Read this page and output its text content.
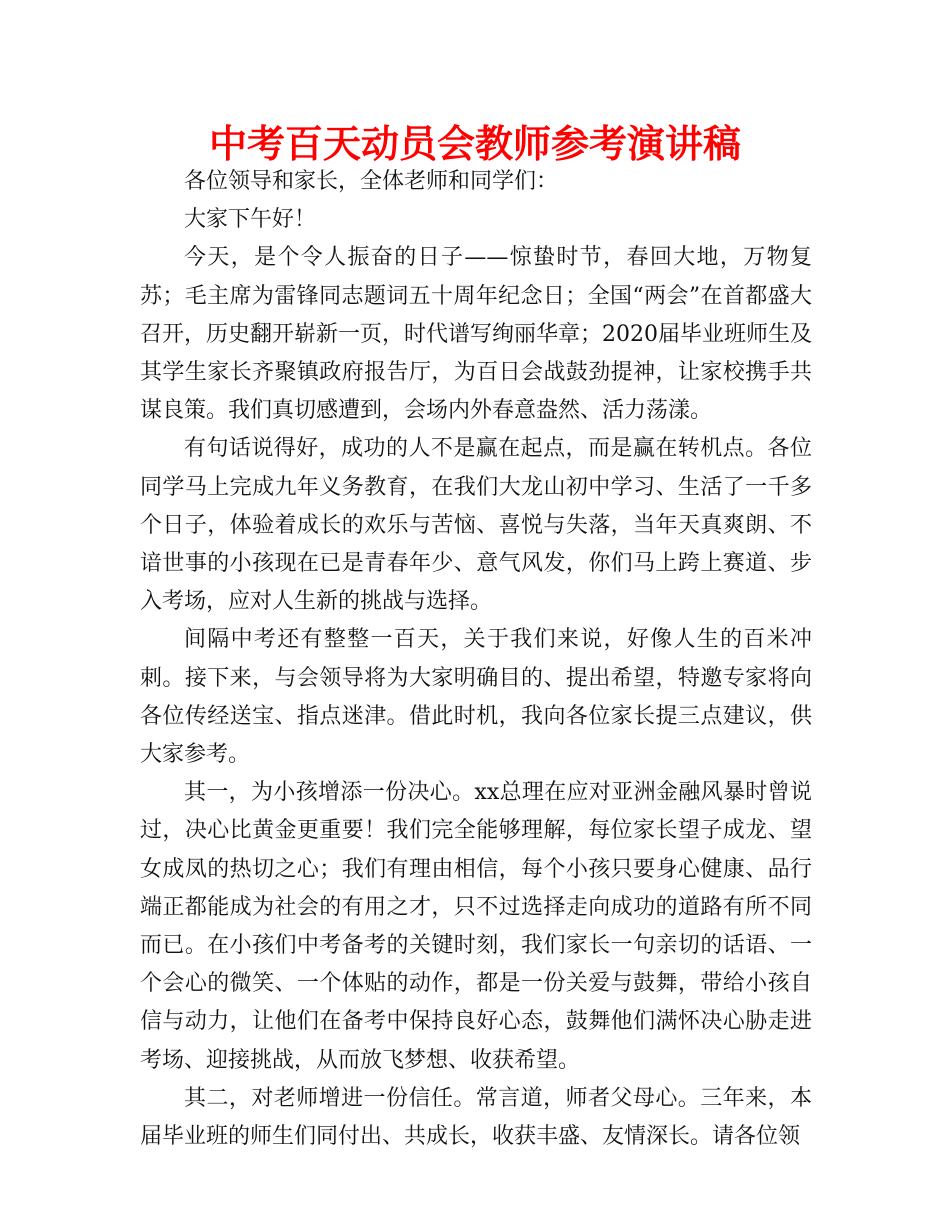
中考百天动员会教师参考演讲稿

各位领导和家长，全体老师和同学们：

大家下午好！

今天，是个令人振奋的日子——惊蛰时节，春回大地，万物复苏；毛主席为雷锋同志题词五十周年纪念日；全国“两会”在首都盛大召开，历史翻开崭新一页，时代谱写绚丽华章；2020届毕业班师生及其学生家长齐聚镇政府报告厅，为百日会战鼓劲提神，让家校携手共谋良策。我们真切感遭到，会场内外春意盎然、活力荡漾。

有句话说得好，成功的人不是赢在起点，而是赢在转机点。各位同学马上完成九年义务教育，在我们大龙山初中学习、生活了一千多个日子，体验着成长的欢乐与苦恼、喜悦与失落，当年天真爽朗、不谙世事的小孩现在已是青春年少、意气风发，你们马上跨上赛道、步入考场，应对人生新的挑战与选择。

间隔中考还有整整一百天，关于我们来说，好像人生的百米冲刺。接下来，与会领导将为大家明确目的、提出希望，特邀专家将向各位传经送宝、指点迷津。借此时机，我向各位家长提三点建议，供大家参考。

其一，为小孩增添一份决心。xx总理在应对亚洲金融风暴时曾说过，决心比黄金更重要！我们完全能够理解，每位家长望子成龙、望女成凤的热切之心；我们有理由相信，每个小孩只要身心健康、品行端正都能成为社会的有用之才，只不过选择走向成功的道路有所不同而已。在小孩们中考备考的关键时刻，我们家长一句亲切的话语、一个会心的微笑、一个体贴的动作，都是一份关爱与鼓舞，带给小孩自信与动力，让他们在备考中保持良好心态，鼓舞他们满怀决心胁走进考场、迎接挑战，从而放飞梦想、收获希望。

其二，对老师增进一份信任。常言道，师者父母心。三年来，本届毕业班的师生们同付出、共成长，收获丰盛、友情深长。请各位领
